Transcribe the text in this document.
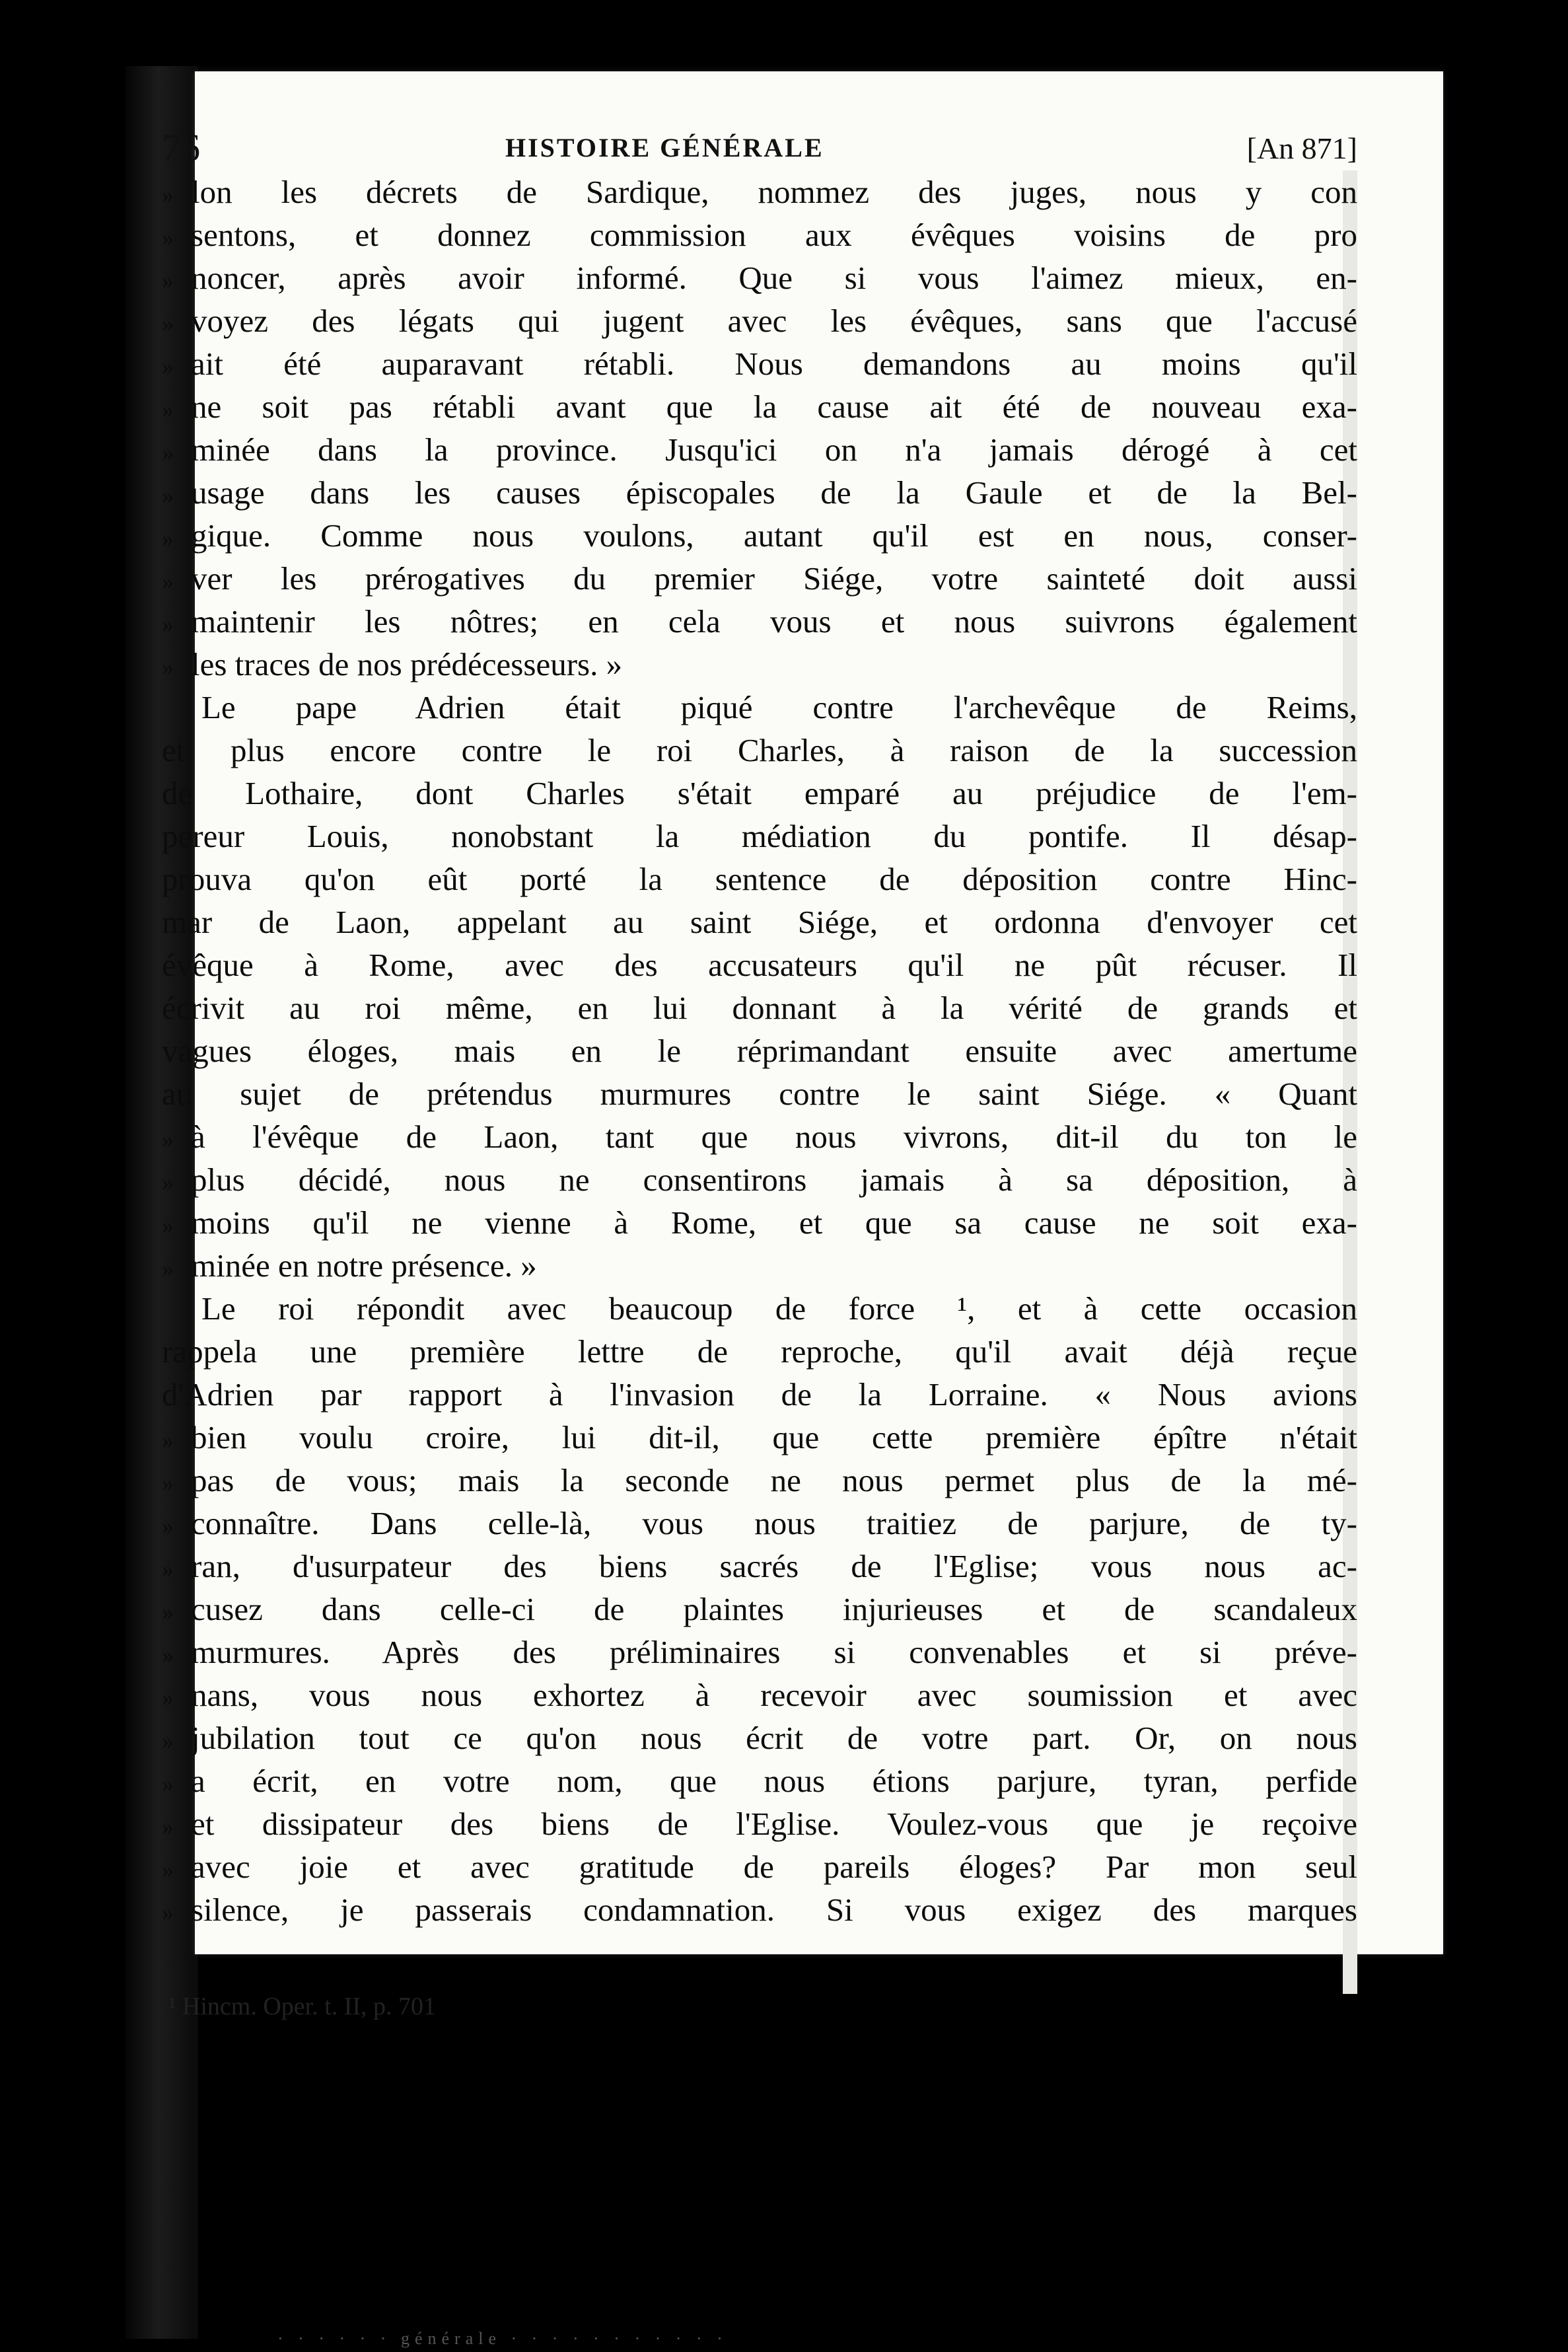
76	HISTOIRE GÉNÉRALE	[An 871]
» lon les décrets de Sardique, nommez des juges, nous y con
» sentons, et donnez commission aux évêques voisins de pro
» noncer, après avoir informé. Que si vous l'aimez mieux, en-
» voyez des légats qui jugent avec les évêques, sans que l'accusé
» ait été auparavant rétabli. Nous demandons au moins qu'il
» ne soit pas rétabli avant que la cause ait été de nouveau exa-
» minée dans la province. Jusqu'ici on n'a jamais dérogé à cet
» usage dans les causes épiscopales de la Gaule et de la Bel-
» gique. Comme nous voulons, autant qu'il est en nous, conser-
» ver les prérogatives du premier Siége, votre sainteté doit aussi
» maintenir les nôtres; en cela vous et nous suivrons également
» les traces de nos prédécesseurs. »
Le pape Adrien était piqué contre l'archevêque de Reims,
et plus encore contre le roi Charles, à raison de la succession
de Lothaire, dont Charles s'était emparé au préjudice de l'em-
pereur Louis, nonobstant la médiation du pontife. Il désap-
prouva qu'on eût porté la sentence de déposition contre Hinc-
mar de Laon, appelant au saint Siége, et ordonna d'envoyer cet
évêque à Rome, avec des accusateurs qu'il ne pût récuser. Il
écrivit au roi même, en lui donnant à la vérité de grands et
vagues éloges, mais en le réprimandant ensuite avec amertume
au sujet de prétendus murmures contre le saint Siége. « Quant
» à l'évêque de Laon, tant que nous vivrons, dit-il du ton le
» plus décidé, nous ne consentirons jamais à sa déposition, à
» moins qu'il ne vienne à Rome, et que sa cause ne soit exa-
» minée en notre présence. »
Le roi répondit avec beaucoup de force ¹, et à cette occasion
rappela une première lettre de reproche, qu'il avait déjà reçue
d'Adrien par rapport à l'invasion de la Lorraine. « Nous avions
» bien voulu croire, lui dit-il, que cette première épître n'était
» pas de vous; mais la seconde ne nous permet plus de la mé-
» connaître. Dans celle-là, vous nous traitiez de parjure, de ty-
» ran, d'usurpateur des biens sacrés de l'Eglise; vous nous ac-
» cusez dans celle-ci de plaintes injurieuses et de scandaleux
» murmures. Après des préliminaires si convenables et si préve-
» nans, vous nous exhortez à recevoir avec soumission et avec
» jubilation tout ce qu'on nous écrit de votre part. Or, on nous
» a écrit, en votre nom, que nous étions parjure, tyran, perfide
» et dissipateur des biens de l'Eglise. Voulez-vous que je reçoive
» avec joie et avec gratitude de pareils éloges? Par mon seul
» silence, je passerais condamnation. Si vous exigez des marques
¹ Hincm. Oper. t. II, p. 701
· · · · · · générale · · · · · · · · · · ·
